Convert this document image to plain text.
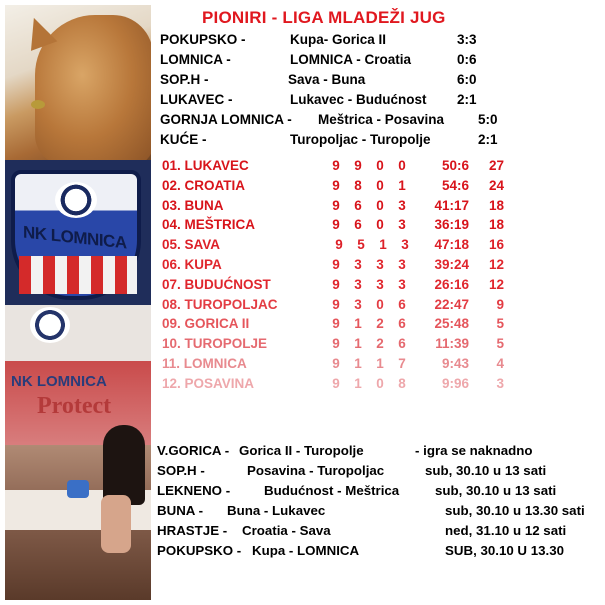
NK LOMNICA
NK LOMNICA
Protect
PIONIRI - LIGA MLADEŽI JUG
POKUPSKO -	Kupa- Gorica II	3:3
LOMNICA -	LOMNICA - Croatia	0:6
SOP.H -	Sava - Buna	6:0
LUKAVEC -	Lukavec - Budućnost 2:1
GORNJA LOMNICA - Meštrica - Posavina	5:0
KUĆE -	Turopoljac - Turopolje	2:1
01. LUKAVEC	9 9 0 0	50:6	27
02. CROATIA	9 8 0 1	54:6	24
03. BUNA	9 6 0 3	41:17	18
04. MEŠTRICA	9 6 0 3	36:19	18
05. SAVA	9 5 1 3	47:18	16
06. KUPA	9 3 3 3	39:24	12
07. BUDUĆNOST	9 3 3 3	26:16	12
08. TUROPOLJAC	9 3 0 6	22:47	9
09. GORICA II	9 1 2 6	25:48	5
10. TUROPOLJE	9 1 2 6	11:39	5
11. LOMNICA	9 1 1 7	9:43	4
12. POSAVINA	9 1 0 8	9:96	3
V.GORICA - Gorica II - Turopolje	- igra se naknadno
SOP.H -	Posavina - Turopoljac	sub, 30.10 u 13 sati
LEKNENO -	Budućnost - Meštrica	sub, 30.10 u 13 sati
BUNA - Buna - Lukavec	sub, 30.10 u 13.30 sati
HRASTJE - Croatia - Sava	ned, 31.10 u 12 sati
POKUPSKO - Kupa - LOMNICA	SUB, 30.10 U 13.30
